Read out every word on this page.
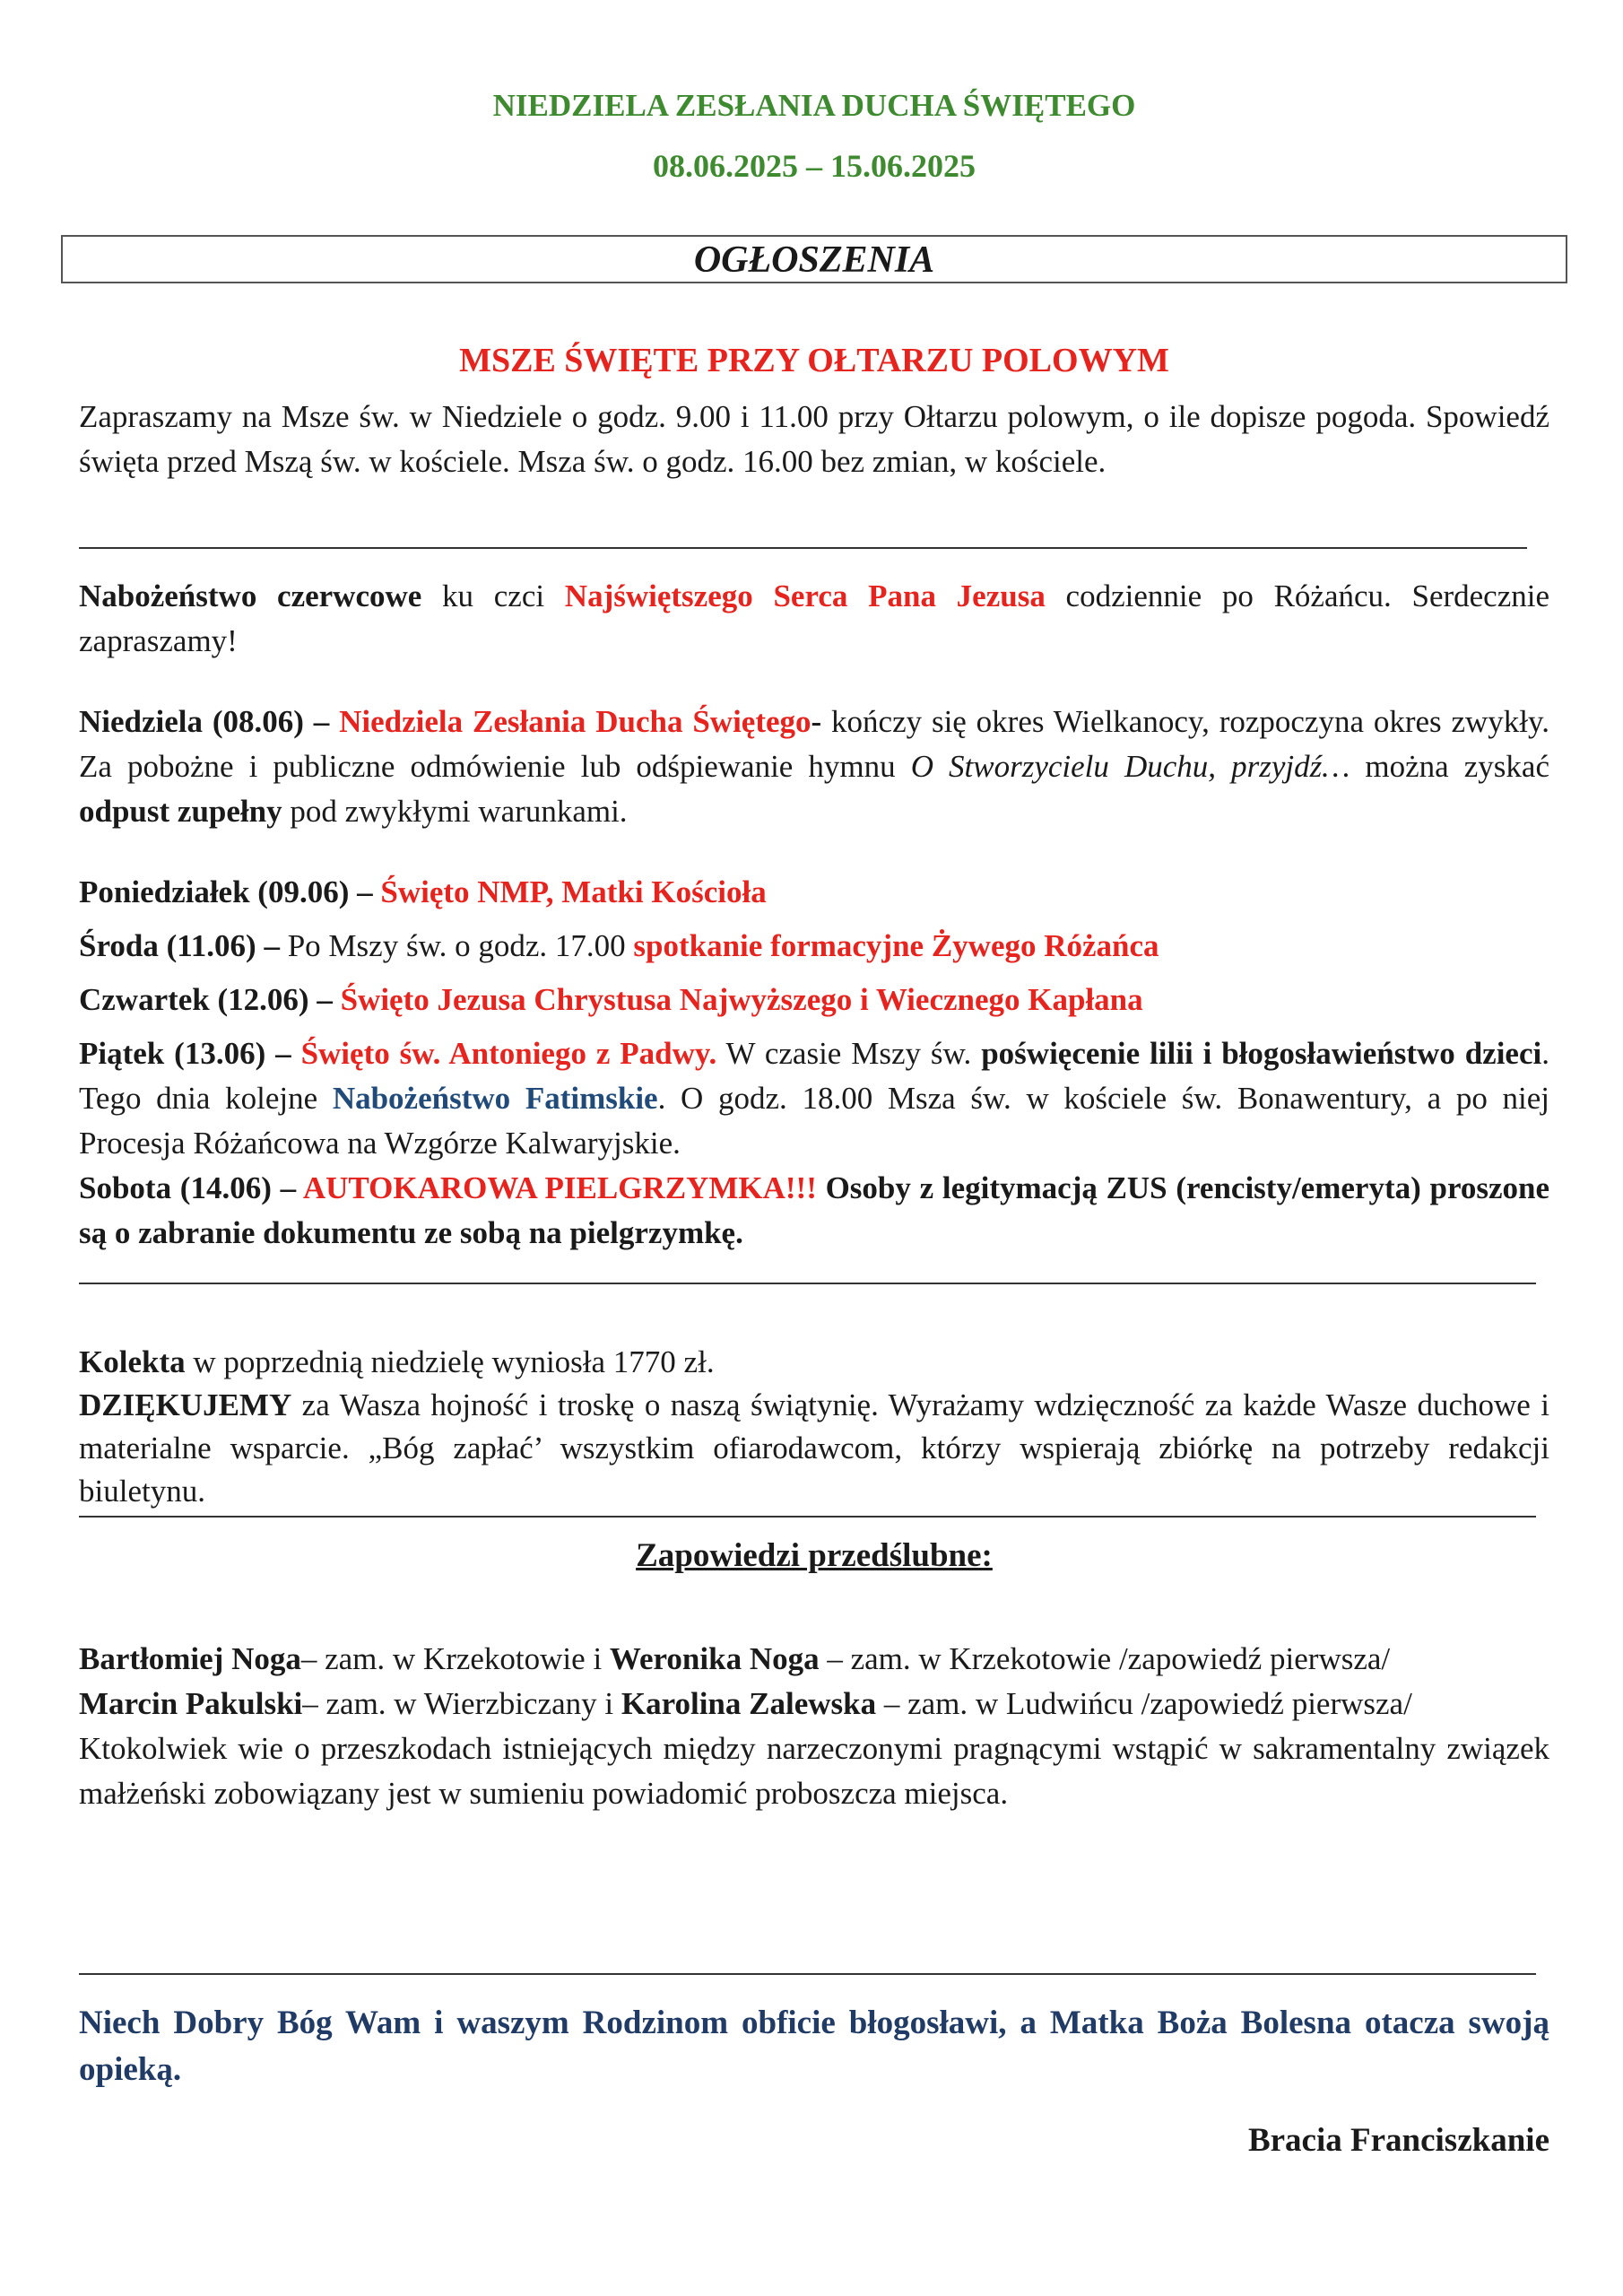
NIEDZIELA ZESŁANIA DUCHA ŚWIĘTEGO
08.06.2025 – 15.06.2025
OGŁOSZENIA
MSZE ŚWIĘTE PRZY OŁTARZU POLOWYM
Zapraszamy na Msze św. w Niedziele o godz. 9.00 i 11.00 przy Ołtarzu polowym, o ile dopisze pogoda. Spowiedź święta przed Mszą św. w kościele. Msza św. o godz. 16.00 bez zmian, w kościele.
Nabożeństwo czerwcowe ku czci Najświętszego Serca Pana Jezusa codziennie po Różańcu. Serdecznie zapraszamy!
Niedziela (08.06) – Niedziela Zesłania Ducha Świętego- kończy się okres Wielkanocy, rozpoczyna okres zwykły. Za pobożne i publiczne odmówienie lub odśpiewanie hymnu O Stworzycielu Duchu, przyjdź… można zyskać odpust zupełny pod zwykłymi warunkami.
Poniedziałek (09.06) – Święto NMP, Matki Kościoła
Środa (11.06) – Po Mszy św. o godz. 17.00 spotkanie formacyjne Żywego Różańca
Czwartek (12.06) – Święto Jezusa Chrystusa Najwyższego i Wiecznego Kapłana
Piątek (13.06) – Święto św. Antoniego z Padwy. W czasie Mszy św. poświęcenie lilii i błogosławieństwo dzieci. Tego dnia kolejne Nabożeństwo Fatimskie. O godz. 18.00 Msza św. w kościele św. Bonawentury, a po niej Procesja Różańcowa na Wzgórze Kalwaryjskie.
Sobota (14.06) – AUTOKAROWA PIELGRZYMKA!!! Osoby z legitymacją ZUS (rencisty/emeryta) proszone są o zabranie dokumentu ze sobą na pielgrzymkę.
Kolekta w poprzednią niedzielę wyniosła 1770 zł.
DZIĘKUJEMY za Wasza hojność i troskę o naszą świątynię. Wyrażamy wdzięczność za każde Wasze duchowe i materialne wsparcie. „Bóg zapłać’ wszystkim ofiarodawcom, którzy wspierają zbiórkę na potrzeby redakcji biuletynu.
Zapowiedzi przedślubne:
Bartłomiej Noga– zam. w Krzekotowie i Weronika Noga – zam. w Krzekotowie /zapowiedź pierwsza/
Marcin Pakulski– zam. w Wierzbiczany i Karolina Zalewska – zam. w Ludwińcu /zapowiedź pierwsza/
Ktokolwiek wie o przeszkodach istniejących między narzeczonymi pragnącymi wstąpić w sakramentalny związek małżeński zobowiązany jest w sumieniu powiadomić proboszcza miejsca.
Niech Dobry Bóg Wam i waszym Rodzinom obficie błogosławi, a Matka Boża Bolesna otacza swoją opieką.
Bracia Franciszkanie
